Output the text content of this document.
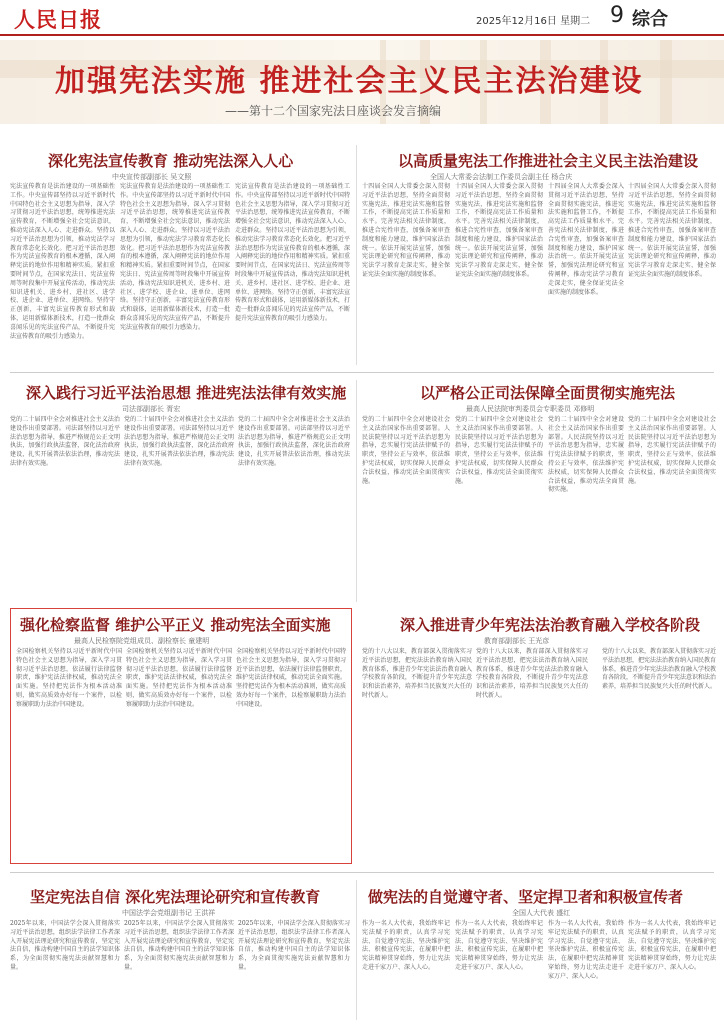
人民日报	2025年12月16日 星期二 9 综合
加强宪法实施 推进社会主义民主法治建设
——第十二个国家宪法日座谈会发言摘编
深化宪法宣传教育 推动宪法深入人心
中央宣传部副部长 吴文照
宪法宣传教育是法治建设的一项基础性工作。中央宣传部坚持以习近平新时代中国特色社会主义思想为指导，深入学习贯彻习近平法治思想，统筹推进宪法宣传教育，不断增强全社会宪法意识，推动宪法深入人心、走进群众。坚持以习近平法治思想为引领，推动宪法学习教育常态化长效化。把习近平法治思想作为宪法宣传教育的根本遵循，深入阐释宪法的地位作用和精神实质。紧扣重要时间节点，在国家宪法日、宪法宣传周等时段集中开展宣传活动，推动宪法知识进机关、进乡村、进社区、进学校、进企业、进单位、进网络。坚持守正创新，丰富宪法宣传教育形式和载体，运用新媒体新技术，打造一批群众喜闻乐见的宪法宣传产品，不断提升宪法宣传教育的吸引力感染力。
宪法宣传教育是法治建设的一项基础性工作。中央宣传部坚持以习近平新时代中国特色社会主义思想为指导，深入学习贯彻习近平法治思想，统筹推进宪法宣传教育，不断增强全社会宪法意识，推动宪法深入人心、走进群众。坚持以习近平法治思想为引领，推动宪法学习教育常态化长效化。把习近平法治思想作为宪法宣传教育的根本遵循，深入阐释宪法的地位作用和精神实质。紧扣重要时间节点，在国家宪法日、宪法宣传周等时段集中开展宣传活动，推动宪法知识进机关、进乡村、进社区、进学校、进企业、进单位、进网络。坚持守正创新，丰富宪法宣传教育形式和载体，运用新媒体新技术，打造一批群众喜闻乐见的宪法宣传产品，不断提升宪法宣传教育的吸引力感染力。
宪法宣传教育是法治建设的一项基础性工作。中央宣传部坚持以习近平新时代中国特色社会主义思想为指导，深入学习贯彻习近平法治思想，统筹推进宪法宣传教育，不断增强全社会宪法意识，推动宪法深入人心、走进群众。坚持以习近平法治思想为引领，推动宪法学习教育常态化长效化。把习近平法治思想作为宪法宣传教育的根本遵循，深入阐释宪法的地位作用和精神实质。紧扣重要时间节点，在国家宪法日、宪法宣传周等时段集中开展宣传活动，推动宪法知识进机关、进乡村、进社区、进学校、进企业、进单位、进网络。坚持守正创新，丰富宪法宣传教育形式和载体，运用新媒体新技术，打造一批群众喜闻乐见的宪法宣传产品，不断提升宪法宣传教育的吸引力感染力。
以高质量宪法工作推进社会主义民主法治建设
全国人大常委会法制工作委员会副主任 杨合庆
十四届全国人大常委会深入贯彻习近平法治思想，坚持全面贯彻实施宪法，推进宪法实施和监督工作，不断提高宪法工作质量和水平。完善宪法相关法律制度，推进合宪性审查，加强备案审查制度和能力建设，维护国家法治统一。依法开展宪法宣誓，加强宪法理论研究和宣传阐释，推动宪法学习教育走深走实，健全保证宪法全面实施的制度体系。
十四届全国人大常委会深入贯彻习近平法治思想，坚持全面贯彻实施宪法，推进宪法实施和监督工作，不断提高宪法工作质量和水平。完善宪法相关法律制度，推进合宪性审查，加强备案审查制度和能力建设，维护国家法治统一。依法开展宪法宣誓，加强宪法理论研究和宣传阐释，推动宪法学习教育走深走实，健全保证宪法全面实施的制度体系。
十四届全国人大常委会深入贯彻习近平法治思想，坚持全面贯彻实施宪法，推进宪法实施和监督工作，不断提高宪法工作质量和水平。完善宪法相关法律制度，推进合宪性审查，加强备案审查制度和能力建设，维护国家法治统一。依法开展宪法宣誓，加强宪法理论研究和宣传阐释，推动宪法学习教育走深走实，健全保证宪法全面实施的制度体系。
十四届全国人大常委会深入贯彻习近平法治思想，坚持全面贯彻实施宪法，推进宪法实施和监督工作，不断提高宪法工作质量和水平。完善宪法相关法律制度，推进合宪性审查，加强备案审查制度和能力建设，维护国家法治统一。依法开展宪法宣誓，加强宪法理论研究和宣传阐释，推动宪法学习教育走深走实，健全保证宪法全面实施的制度体系。
深入践行习近平法治思想 推进宪法法律有效实施
司法部副部长 胥宏
党的二十届四中全会对推进社会主义法治建设作出重要部署。司法部坚持以习近平法治思想为指导，推进严格规范公正文明执法，加强行政执法监督，深化法治政府建设，扎实开展普法依法治理，推动宪法法律有效实施。
党的二十届四中全会对推进社会主义法治建设作出重要部署。司法部坚持以习近平法治思想为指导，推进严格规范公正文明执法，加强行政执法监督，深化法治政府建设，扎实开展普法依法治理，推动宪法法律有效实施。
党的二十届四中全会对推进社会主义法治建设作出重要部署。司法部坚持以习近平法治思想为指导，推进严格规范公正文明执法，加强行政执法监督，深化法治政府建设，扎实开展普法依法治理，推动宪法法律有效实施。
以严格公正司法保障全面贯彻实施宪法
最高人民法院审判委员会专职委员 邓修明
党的二十届四中全会对建设社会主义法治国家作出重要部署。人民法院坚持以习近平法治思想为指导，忠实履行宪法法律赋予的职责，坚持公正与效率，依法维护宪法权威，切实保障人民群众合法权益，推动宪法全面贯彻实施。
党的二十届四中全会对建设社会主义法治国家作出重要部署。人民法院坚持以习近平法治思想为指导，忠实履行宪法法律赋予的职责，坚持公正与效率，依法维护宪法权威，切实保障人民群众合法权益，推动宪法全面贯彻实施。
党的二十届四中全会对建设社会主义法治国家作出重要部署。人民法院坚持以习近平法治思想为指导，忠实履行宪法法律赋予的职责，坚持公正与效率，依法维护宪法权威，切实保障人民群众合法权益，推动宪法全面贯彻实施。
党的二十届四中全会对建设社会主义法治国家作出重要部署。人民法院坚持以习近平法治思想为指导，忠实履行宪法法律赋予的职责，坚持公正与效率，依法维护宪法权威，切实保障人民群众合法权益，推动宪法全面贯彻实施。
强化检察监督 维护公平正义 推动宪法全面实施
最高人民检察院党组成员、副检察长 童建明
全国检察机关坚持以习近平新时代中国特色社会主义思想为指导，深入学习贯彻习近平法治思想，依法履行法律监督职责，维护宪法法律权威，推动宪法全面实施。坚持把宪法作为根本活动准则，做实高质效办好每一个案件，以检察履职助力法治中国建设。
全国检察机关坚持以习近平新时代中国特色社会主义思想为指导，深入学习贯彻习近平法治思想，依法履行法律监督职责，维护宪法法律权威，推动宪法全面实施。坚持把宪法作为根本活动准则，做实高质效办好每一个案件，以检察履职助力法治中国建设。
全国检察机关坚持以习近平新时代中国特色社会主义思想为指导，深入学习贯彻习近平法治思想，依法履行法律监督职责，维护宪法法律权威，推动宪法全面实施。坚持把宪法作为根本活动准则，做实高质效办好每一个案件，以检察履职助力法治中国建设。
深入推进青少年宪法法治教育融入学校各阶段
教育部副部长 王光彦
党的十八大以来，教育部深入贯彻落实习近平法治思想，把宪法法治教育纳入国民教育体系，推进青少年宪法法治教育融入学校教育各阶段，不断提升青少年宪法意识和法治素养，培养担当民族复兴大任的时代新人。
党的十八大以来，教育部深入贯彻落实习近平法治思想，把宪法法治教育纳入国民教育体系，推进青少年宪法法治教育融入学校教育各阶段，不断提升青少年宪法意识和法治素养，培养担当民族复兴大任的时代新人。
党的十八大以来，教育部深入贯彻落实习近平法治思想，把宪法法治教育纳入国民教育体系，推进青少年宪法法治教育融入学校教育各阶段，不断提升青少年宪法意识和法治素养，培养担当民族复兴大任的时代新人。
坚定宪法自信 深化宪法理论研究和宣传教育
中国法学会党组副书记 王洪祥
2025年以来，中国法学会深入贯彻落实习近平法治思想，组织法学法律工作者深入开展宪法理论研究和宣传教育，坚定宪法自信，推动构建中国自主的法学知识体系，为全面贯彻实施宪法贡献智慧和力量。
2025年以来，中国法学会深入贯彻落实习近平法治思想，组织法学法律工作者深入开展宪法理论研究和宣传教育，坚定宪法自信，推动构建中国自主的法学知识体系，为全面贯彻实施宪法贡献智慧和力量。
2025年以来，中国法学会深入贯彻落实习近平法治思想，组织法学法律工作者深入开展宪法理论研究和宣传教育，坚定宪法自信，推动构建中国自主的法学知识体系，为全面贯彻实施宪法贡献智慧和力量。
做宪法的自觉遵守者、坚定捍卫者和积极宣传者
全国人大代表 盛红
作为一名人大代表，我始终牢记宪法赋予的职责，认真学习宪法、自觉遵守宪法、坚决维护宪法、积极宣传宪法，在履职中把宪法精神贯穿始终，努力让宪法走进千家万户、深入人心。
作为一名人大代表，我始终牢记宪法赋予的职责，认真学习宪法、自觉遵守宪法、坚决维护宪法、积极宣传宪法，在履职中把宪法精神贯穿始终，努力让宪法走进千家万户、深入人心。
作为一名人大代表，我始终牢记宪法赋予的职责，认真学习宪法、自觉遵守宪法、坚决维护宪法、积极宣传宪法，在履职中把宪法精神贯穿始终，努力让宪法走进千家万户、深入人心。
作为一名人大代表，我始终牢记宪法赋予的职责，认真学习宪法、自觉遵守宪法、坚决维护宪法、积极宣传宪法，在履职中把宪法精神贯穿始终，努力让宪法走进千家万户、深入人心。
